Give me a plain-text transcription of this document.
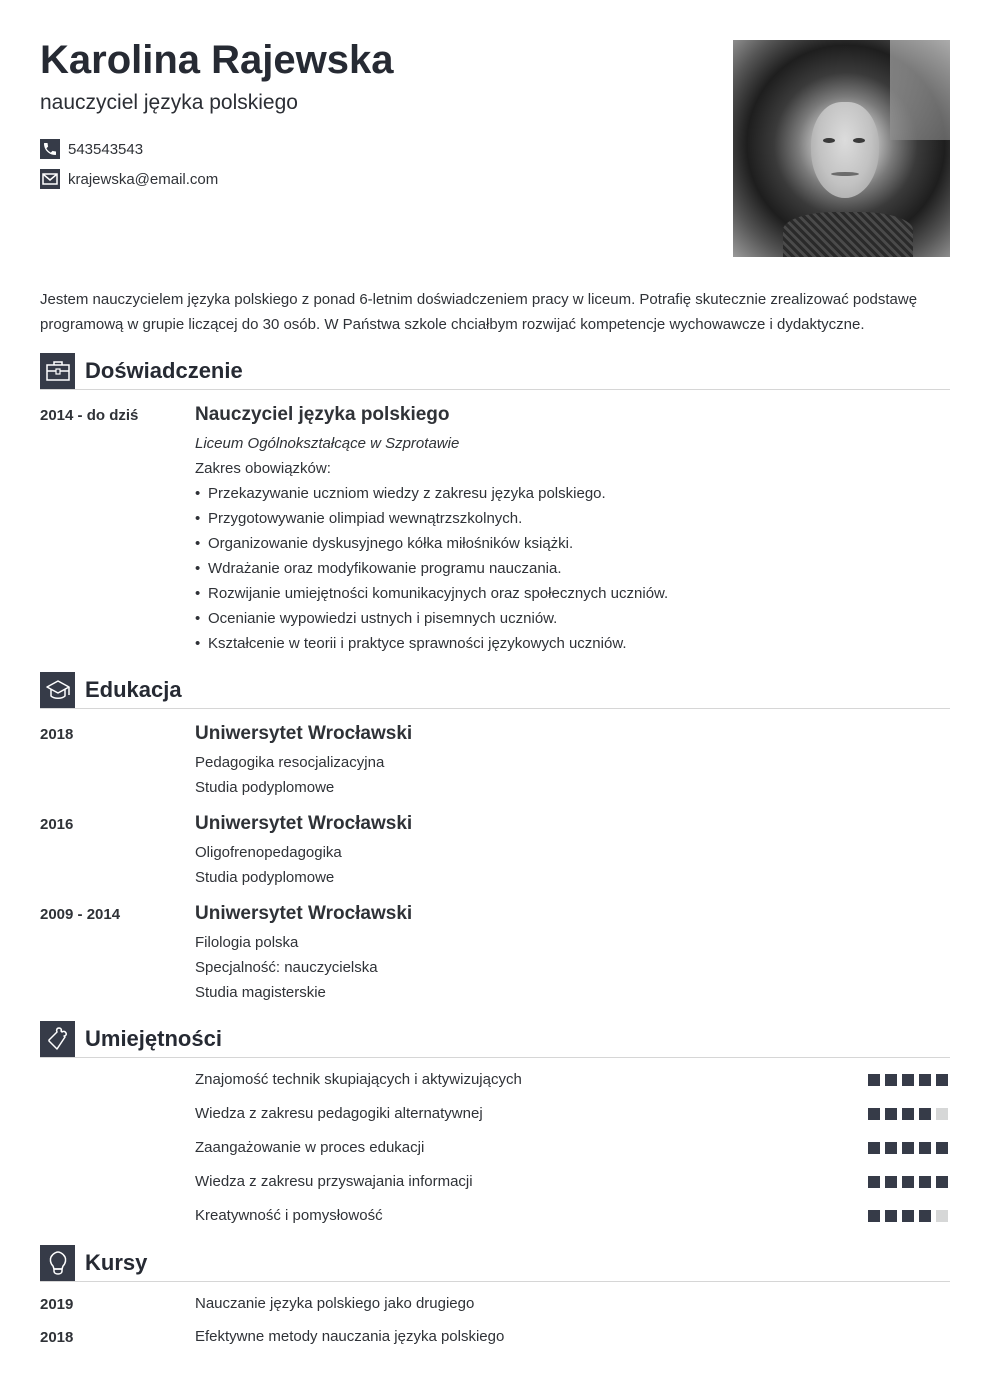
Karolina Rajewska
nauczyciel języka polskiego
543543543
krajewska@email.com
Jestem nauczycielem języka polskiego z ponad 6-letnim doświadczeniem pracy w liceum. Potrafię skutecznie zrealizować podstawę programową w grupie liczącej do 30 osób. W Państwa szkole chciałbym rozwijać kompetencje wychowawcze i dydaktyczne.
Doświadczenie
2014 - do dziś	Nauczyciel języka polskiego
Liceum Ogólnokształcące w Szprotawie
Zakres obowiązków:
• Przekazywanie uczniom wiedzy z zakresu języka polskiego.
• Przygotowywanie olimpiad wewnątrzszkolnych.
• Organizowanie dyskusyjnego kółka miłośników książki.
• Wdrażanie oraz modyfikowanie programu nauczania.
• Rozwijanie umiejętności komunikacyjnych oraz społecznych uczniów.
• Ocenianie wypowiedzi ustnych i pisemnych uczniów.
• Kształcenie w teorii i praktyce sprawności językowych uczniów.
Edukacja
2018	Uniwersytet Wrocławski
Pedagogika resocjalizacyjna
Studia podyplomowe
2016	Uniwersytet Wrocławski
Oligofrenopedagogika
Studia podyplomowe
2009 - 2014	Uniwersytet Wrocławski
Filologia polska
Specjalność: nauczycielska
Studia magisterskie
Umiejętności
Znajomość technik skupiających i aktywizujących
Wiedza z zakresu pedagogiki alternatywnej
Zaangażowanie w proces edukacji
Wiedza z zakresu przyswajania informacji
Kreatywność i pomysłowość
Kursy
2019	Nauczanie języka polskiego jako drugiego
2018	Efektywne metody nauczania języka polskiego
